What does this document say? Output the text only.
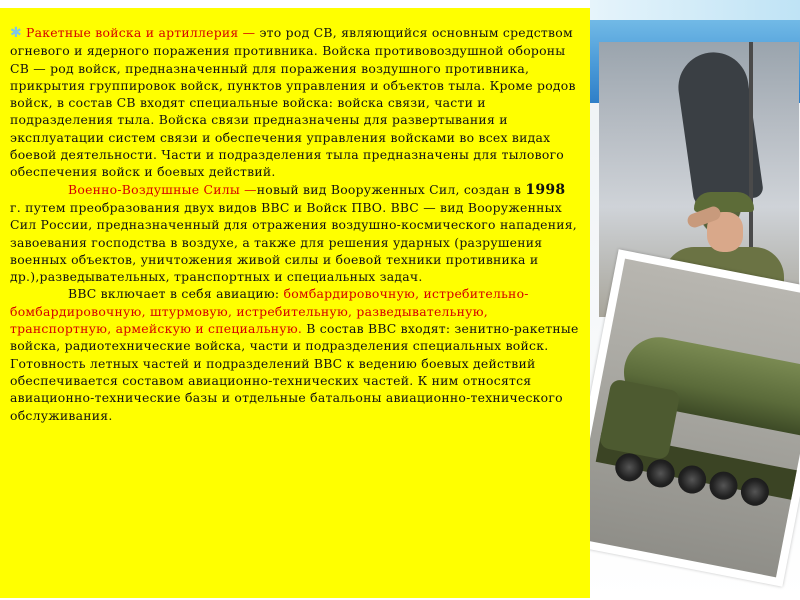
✱ Ракетные войска и артиллерия — это род СВ, являющийся основным средством огневого и ядерного поражения противника. Войска противовоздушной обороны СВ — род войск, предназначенный для поражения воздушного противника, прикрытия группировок войск, пунктов управления и объектов тыла. Кроме родов войск, в состав СВ входят специальные войска: войска связи, части и подразделения тыла. Войска связи предназначены для развертывания и эксплуатации систем связи и обеспечения управления войсками во всех видах боевой деятельности. Части и подразделения тыла предназначены для тылового обеспечения войск и боевых действий.

Военно-Воздушные Силы —новый вид Вооруженных Сил, создан в 1998 г. путем преобразования двух видов ВВС и Войск ПВО. ВВС — вид Вооруженных Сил России, предназначенный для отражения воздушно-космического нападения, завоевания господства в воздухе, а также для решения ударных (разрушения военных объектов, уничтожения живой силы и боевой техники противника и др.),разведывательных, транспортных и специальных задач.

ВВС включает в себя авиацию: бомбардировочную, истребительно-бомбардировочную, штурмовую, истребительную, разведывательную, транспортную, армейскую и специальную. В состав ВВС входят: зенитно-ракетные войска, радиотехнические войска, части и подразделения специальных войск. Готовность летных частей и подразделений ВВС к ведению боевых действий обеспечивается составом авиационно-технических частей. К ним относятся авиационно-технические базы и отдельные батальоны авиационно-технического обслуживания.
